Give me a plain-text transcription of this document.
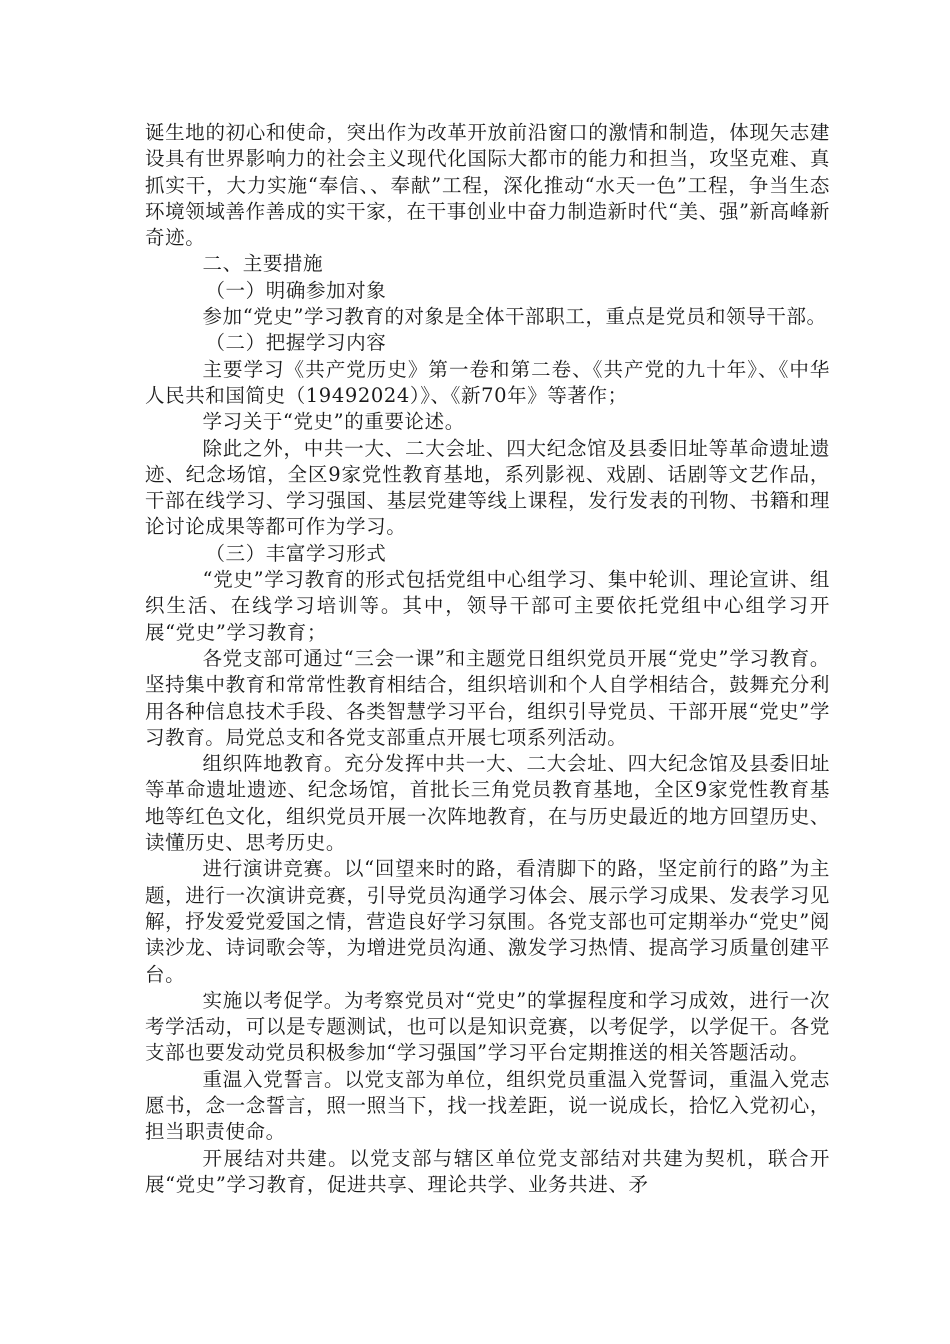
诞生地的初心和使命，突出作为改革开放前沿窗口的激情和制造，体现矢志建设具有世界影响力的社会主义现代化国际大都市的能力和担当，攻坚克难、真抓实干，大力实施“奉信、、奉献”工程，深化推动“水天一色”工程，争当生态环境领域善作善成的实干家，在干事创业中奋力制造新时代“美、强”新高峰新奇迹。

二、主要措施

（一）明确参加对象

参加“党史”学习教育的对象是全体干部职工，重点是党员和领导干部。

（二）把握学习内容

主要学习《共产党历史》第一卷和第二卷、《共产党的九十年》、《中华人民共和国简史（19492024）》、《新70年》等著作；

学习关于“党史”的重要论述。

除此之外，中共一大、二大会址、四大纪念馆及县委旧址等革命遗址遗迹、纪念场馆，全区9家党性教育基地，系列影视、戏剧、话剧等文艺作品，干部在线学习、学习强国、基层党建等线上课程，发行发表的刊物、书籍和理论讨论成果等都可作为学习。

（三）丰富学习形式

“党史”学习教育的形式包括党组中心组学习、集中轮训、理论宣讲、组织生活、在线学习培训等。其中，领导干部可主要依托党组中心组学习开展“党史”学习教育；

各党支部可通过“三会一课”和主题党日组织党员开展“党史”学习教育。坚持集中教育和常常性教育相结合，组织培训和个人自学相结合，鼓舞充分利用各种信息技术手段、各类智慧学习平台，组织引导党员、干部开展“党史”学习教育。局党总支和各党支部重点开展七项系列活动。

组织阵地教育。充分发挥中共一大、二大会址、四大纪念馆及县委旧址等革命遗址遗迹、纪念场馆，首批长三角党员教育基地，全区9家党性教育基地等红色文化，组织党员开展一次阵地教育，在与历史最近的地方回望历史、读懂历史、思考历史。

进行演讲竞赛。以“回望来时的路，看清脚下的路，坚定前行的路”为主题，进行一次演讲竞赛，引导党员沟通学习体会、展示学习成果、发表学习见解，抒发爱党爱国之情，营造良好学习氛围。各党支部也可定期举办“党史”阅读沙龙、诗词歌会等，为增进党员沟通、激发学习热情、提高学习质量创建平台。

实施以考促学。为考察党员对“党史”的掌握程度和学习成效，进行一次考学活动，可以是专题测试，也可以是知识竞赛，以考促学，以学促干。各党支部也要发动党员积极参加“学习强国”学习平台定期推送的相关答题活动。

重温入党誓言。以党支部为单位，组织党员重温入党誓词，重温入党志愿书，念一念誓言，照一照当下，找一找差距，说一说成长，拾忆入党初心，担当职责使命。

开展结对共建。以党支部与辖区单位党支部结对共建为契机，联合开展“党史”学习教育，促进共享、理论共学、业务共进、矛
